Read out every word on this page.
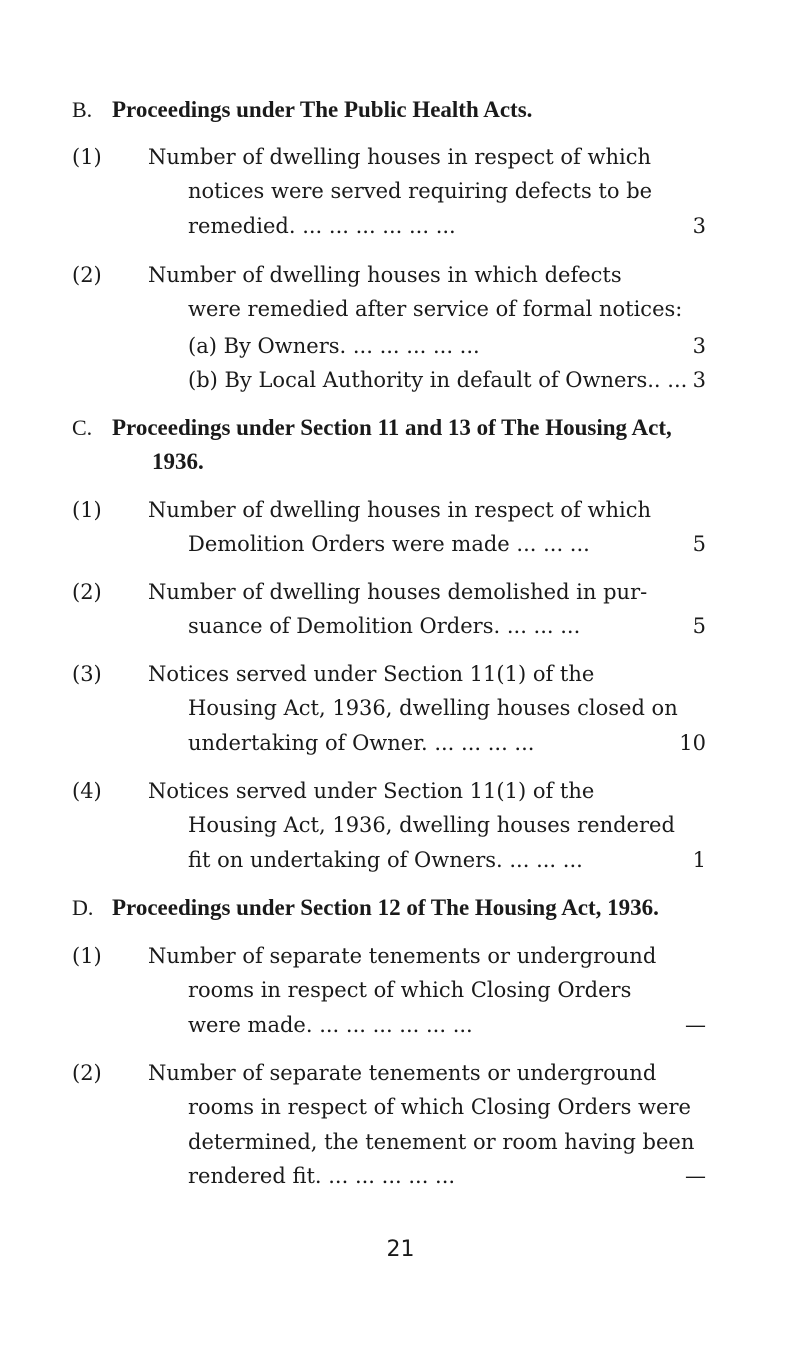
B. Proceedings under The Public Health Acts.
(1) Number of dwelling houses in respect of which
notices were served requiring defects to be
remedied. ... ... ... ... ... ...	3
(2) Number of dwelling houses in which defects
were remedied after service of formal notices:
(a) By Owners. ... ... ... ... ...	3
(b) By Local Authority in default of Owners.. ... 3
C. Proceedings under Section 11 and 13 of The Housing Act,
1936.
(1) Number of dwelling houses in respect of which
Demolition Orders were made ... ... ...	5
(2) Number of dwelling houses demolished in pur-
suance of Demolition Orders. ... ... ...	5
(3) Notices served under Section 11(1) of the
Housing Act, 1936, dwelling houses closed on
undertaking of Owner. ... ... ... ...	10
(4) Notices served under Section 11(1) of the
Housing Act, 1936, dwelling houses rendered
fit on undertaking of Owners. ... ... ...	1
D. Proceedings under Section 12 of The Housing Act, 1936.
(1) Number of separate tenements or underground
rooms in respect of which Closing Orders
were made. ... ... ... ... ... ...	—
(2) Number of separate tenements or underground
rooms in respect of which Closing Orders were
determined, the tenement or room having been
rendered fit. ... ... ... ... ...	—
21
